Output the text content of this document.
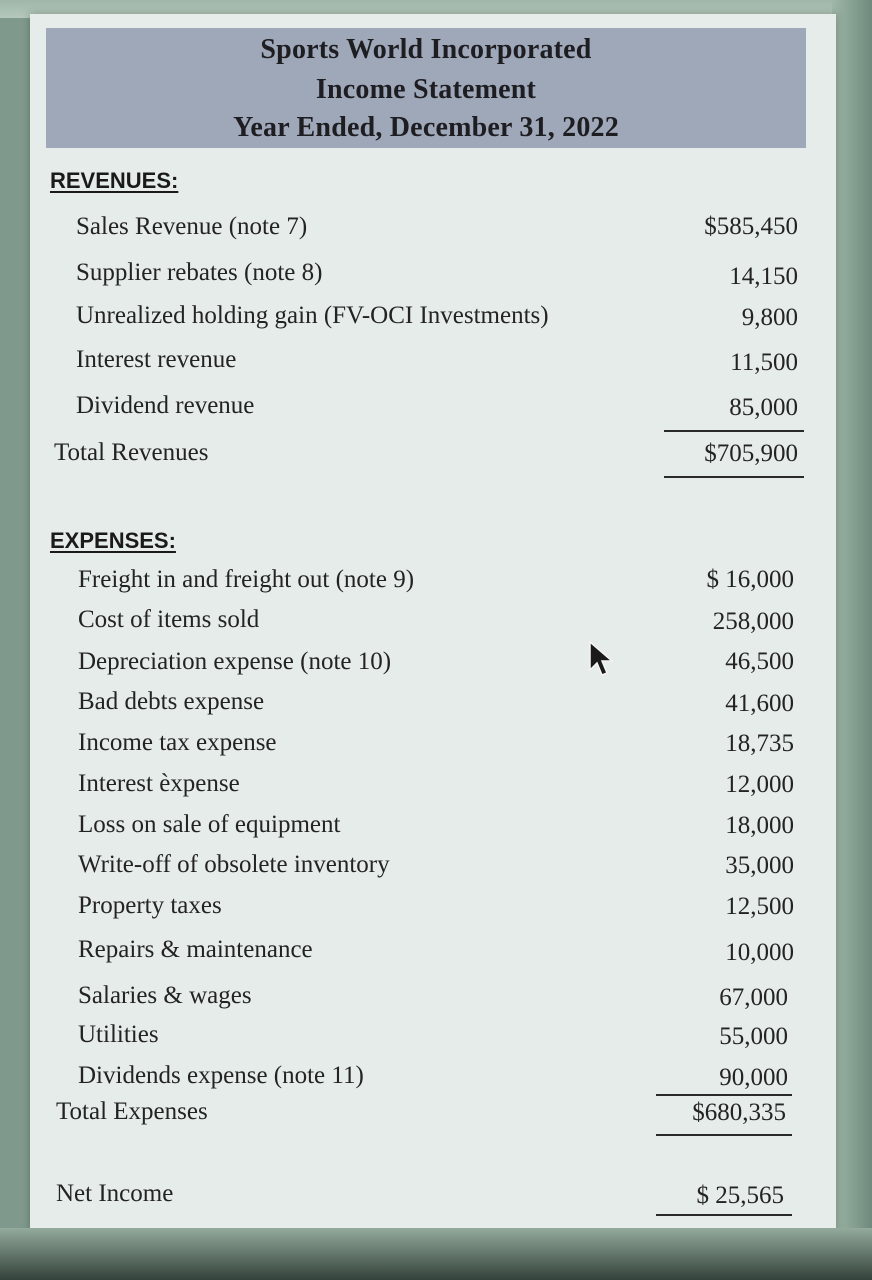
Sports World Incorporated
Income Statement
Year Ended, December 31, 2022
REVENUES:
Sales Revenue (note 7)	$585,450
Supplier rebates (note 8)	14,150
Unrealized holding gain (FV-OCI Investments)	9,800
Interest revenue	11,500
Dividend revenue	85,000
Total Revenues	$705,900
EXPENSES:
Freight in and freight out (note 9)	$ 16,000
Cost of items sold	258,000
Depreciation expense (note 10)	46,500
Bad debts expense	41,600
Income tax expense	18,735
Interest èxpense	12,000
Loss on sale of equipment	18,000
Write-off of obsolete inventory	35,000
Property taxes	12,500
Repairs & maintenance	10,000
Salaries & wages	67,000
Utilities	55,000
Dividends expense (note 11)	90,000
Total Expenses	$680,335
Net Income	$ 25,565
